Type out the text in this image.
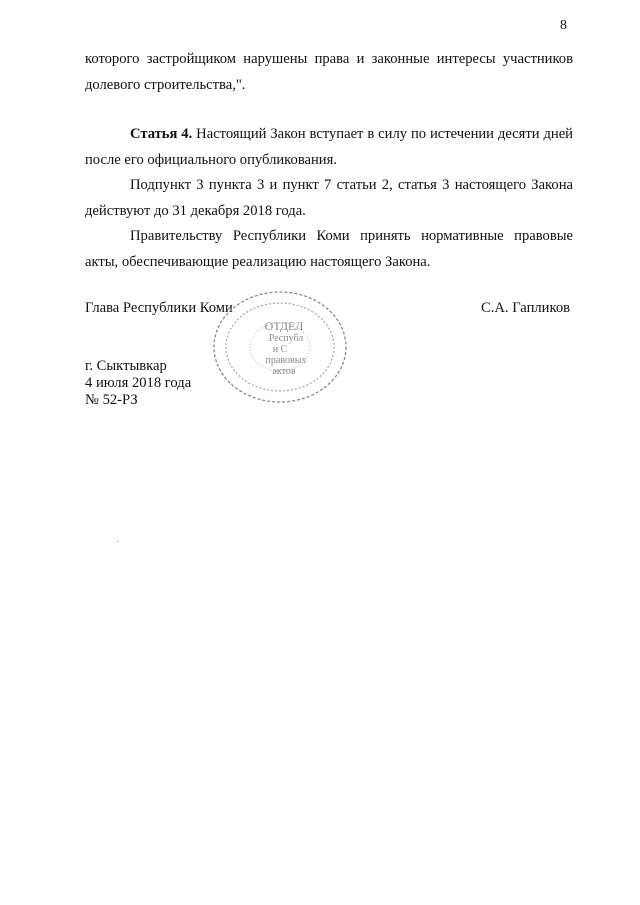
8

которого застройщиком нарушены права и законные интересы участников долевого строительства,".

Статья 4. Настоящий Закон вступает в силу по истечении десяти дней после его официального опубликования.

Подпункт 3 пункта 3 и пункт 7 статьи 2, статья 3 настоящего Закона действуют до 31 декабря 2018 года.

Правительству Республики Коми принять нормативные правовые акты, обеспечивающие реализацию настоящего Закона.

Глава Республики Коми	С.А. Гапликов
ОТДЕЛ
Республ
и С
правовых
актов
г. Сыктывкар
4 июля 2018 года
№ 52-РЗ
